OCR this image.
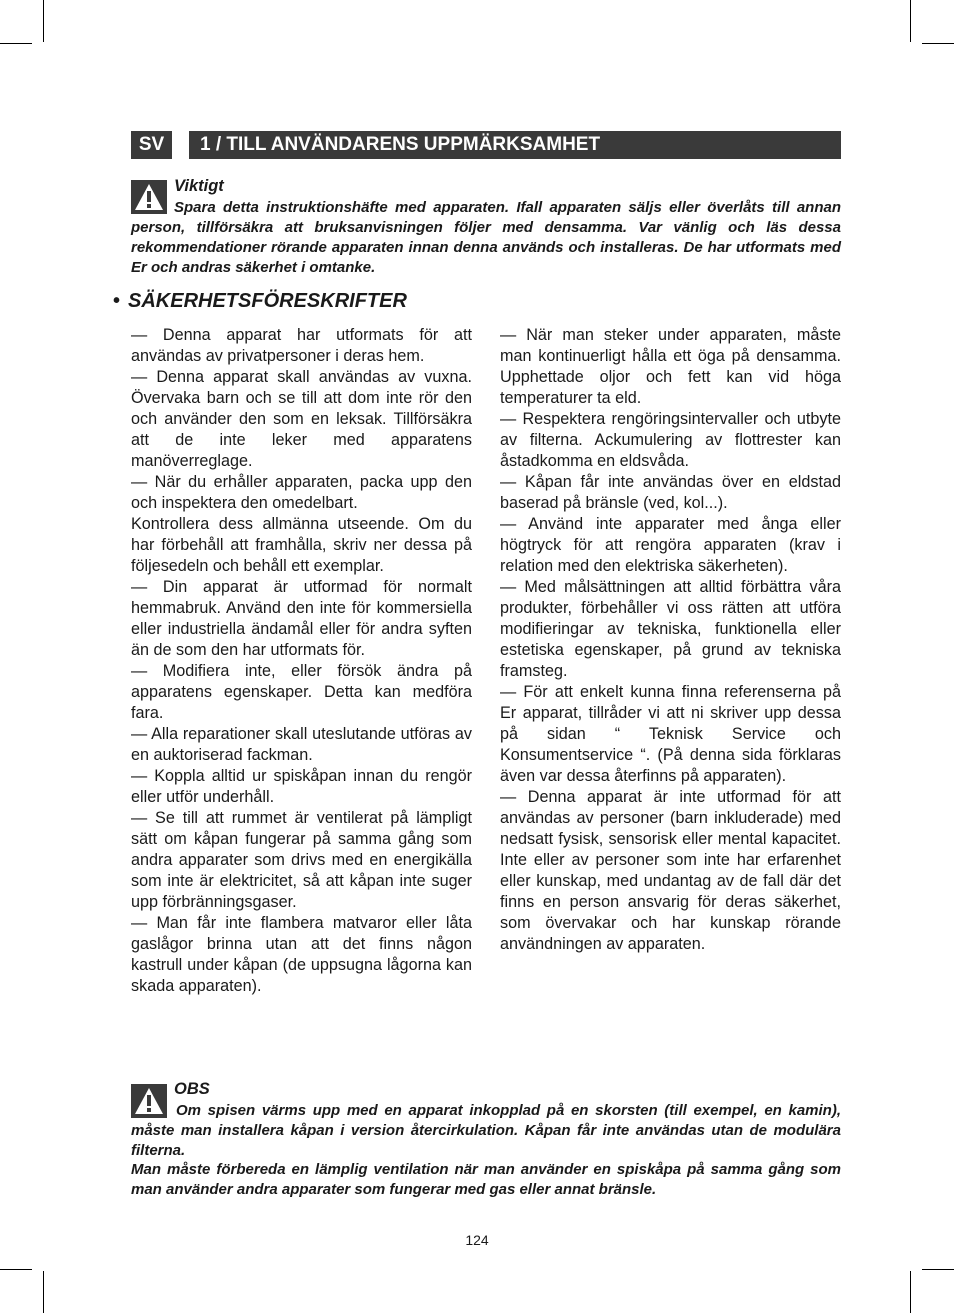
SV	1 / TILL ANVÄNDARENS UPPMÄRKSAMHET
Viktigt

Spara detta instruktionshäfte med apparaten. Ifall apparaten säljs eller överlåts till annan person, tillförsäkra att bruksanvisningen följer med densamma. Var vänlig och läs dessa rekommendationer rörande apparaten innan denna används och installeras. De har utformats med Er och andras säkerhet i omtanke.

• SÄKERHETSFÖRESKRIFTER

— Denna apparat har utformats för att användas av privatpersoner i deras hem.

— Denna apparat skall användas av vuxna. Övervaka barn och se till att dom inte rör den och använder den som en leksak. Tillförsäkra att de inte leker med apparatens manöverreglage.

— När du erhåller apparaten, packa upp den och inspektera den omedelbart.

Kontrollera dess allmänna utseende. Om du har förbehåll att framhålla, skriv ner dessa på följesedeln och behåll ett exemplar.

— Din apparat är utformad för normalt hemmabruk. Använd den inte för kommersiella eller industriella ändamål eller för andra syften än de som den har utformats för.

— Modifiera inte, eller försök ändra på apparatens egenskaper. Detta kan medföra fara.

— Alla reparationer skall uteslutande utföras av en auktoriserad fackman.

— Koppla alltid ur spiskåpan innan du rengör eller utför underhåll.

— Se till att rummet är ventilerat på lämpligt sätt om kåpan fungerar på samma gång som andra apparater som drivs med en energikälla som inte är elektricitet, så att kåpan inte suger upp förbränningsgaser.

— Man får inte flambera matvaror eller låta gaslågor brinna utan att det finns någon kastrull under kåpan (de uppsugna lågorna kan skada apparaten).

— När man steker under apparaten, måste man kontinuerligt hålla ett öga på densamma. Upphettade oljor och fett kan vid höga temperaturer ta eld.

— Respektera rengöringsintervaller och utbyte av filterna. Ackumulering av flottrester kan åstadkomma en eldsvåda.

— Kåpan får inte användas över en eldstad baserad på bränsle (ved, kol...).

— Använd inte apparater med ånga eller högtryck för att rengöra apparaten (krav i relation med den elektriska säkerheten).

— Med målsättningen att alltid förbättra våra produkter, förbehåller vi oss rätten att utföra modifieringar av tekniska, funktionella eller estetiska egenskaper, på grund av tekniska framsteg.

— För att enkelt kunna finna referenserna på Er apparat, tillråder vi att ni skriver upp dessa på sidan “ Teknisk Service och Konsumentservice “. (På denna sida förklaras även var dessa återfinns på apparaten).

— Denna apparat är inte utformad för att användas av personer (barn inkluderade) med nedsatt fysisk, sensorisk eller mental kapacitet. Inte eller av personer som inte har erfarenhet eller kunskap, med undantag av de fall där det finns en person ansvarig för deras säkerhet, som övervakar och har kunskap rörande användningen av apparaten.

OBS

Om spisen värms upp med en apparat inkopplad på en skorsten (till exempel, en kamin), måste man installera kåpan i version återcirkulation. Kåpan får inte användas utan de modulära filterna.

Man måste förbereda en lämplig ventilation när man använder en spiskåpa på samma gång som man använder andra apparater som fungerar med gas eller annat bränsle.

124
